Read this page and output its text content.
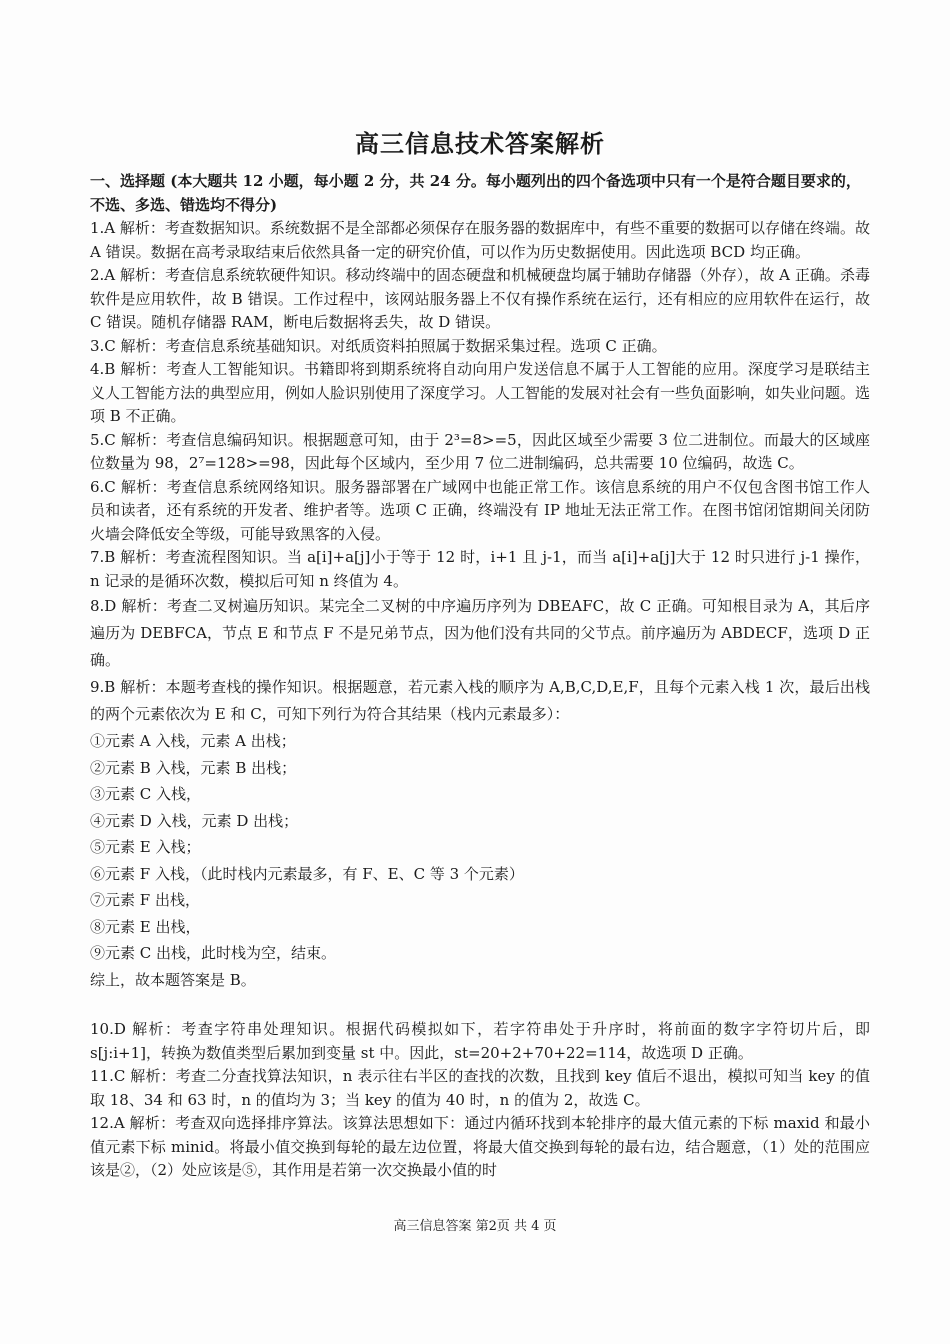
高三信息技术答案解析

一、选择题 (本大题共 12 小题，每小题 2 分，共 24 分。每小题列出的四个备选项中只有一个是符合题目要求的，不选、多选、错选均不得分)

1.A 解析：考查数据知识。系统数据不是全部都必须保存在服务器的数据库中，有些不重要的数据可以存储在终端。故 A 错误。数据在高考录取结束后依然具备一定的研究价值，可以作为历史数据使用。因此选项 BCD 均正确。

2.A 解析：考查信息系统软硬件知识。移动终端中的固态硬盘和机械硬盘均属于辅助存储器（外存），故 A 正确。杀毒软件是应用软件，故 B 错误。工作过程中，该网站服务器上不仅有操作系统在运行，还有相应的应用软件在运行，故 C 错误。随机存储器 RAM，断电后数据将丢失，故 D 错误。

3.C 解析：考查信息系统基础知识。对纸质资料拍照属于数据采集过程。选项 C 正确。

4.B 解析：考查人工智能知识。书籍即将到期系统将自动向用户发送信息不属于人工智能的应用。深度学习是联结主义人工智能方法的典型应用，例如人脸识别使用了深度学习。人工智能的发展对社会有一些负面影响，如失业问题。选项 B 不正确。

5.C 解析：考查信息编码知识。根据题意可知，由于 2³=8>=5，因此区域至少需要 3 位二进制位。而最大的区域座位数量为 98，2⁷=128>=98，因此每个区域内，至少用 7 位二进制编码，总共需要 10 位编码，故选 C。

6.C 解析：考查信息系统网络知识。服务器部署在广域网中也能正常工作。该信息系统的用户不仅包含图书馆工作人员和读者，还有系统的开发者、维护者等。选项 C 正确，终端没有 IP 地址无法正常工作。在图书馆闭馆期间关闭防火墙会降低安全等级，可能导致黑客的入侵。

7.B 解析：考查流程图知识。当 a[i]+a[j]小于等于 12 时，i+1 且 j-1，而当 a[i]+a[j]大于 12 时只进行 j-1 操作，n 记录的是循环次数，模拟后可知 n 终值为 4。

8.D 解析：考查二叉树遍历知识。某完全二叉树的中序遍历序列为 DBEAFC，故 C 正确。可知根目录为 A，其后序遍历为 DEBFCA，节点 E 和节点 F 不是兄弟节点，因为他们没有共同的父节点。前序遍历为 ABDECF，选项 D 正确。

9.B 解析：本题考查栈的操作知识。根据题意，若元素入栈的顺序为 A,B,C,D,E,F，且每个元素入栈 1 次，最后出栈的两个元素依次为 E 和 C，可知下列行为符合其结果（栈内元素最多）：

①元素 A 入栈，元素 A 出栈；

②元素 B 入栈，元素 B 出栈；

③元素 C 入栈，

④元素 D 入栈，元素 D 出栈；

⑤元素 E 入栈；

⑥元素 F 入栈，（此时栈内元素最多，有 F、E、C 等 3 个元素）

⑦元素 F 出栈，

⑧元素 E 出栈，

⑨元素 C 出栈，此时栈为空，结束。

综上，故本题答案是 B。

10.D 解析：考查字符串处理知识。根据代码模拟如下，若字符串处于升序时，将前面的数字字符切片后，即 s[j:i+1]，转换为数值类型后累加到变量 st 中。因此，st=20+2+70+22=114，故选项 D 正确。

11.C 解析：考查二分查找算法知识，n 表示往右半区的查找的次数，且找到 key 值后不退出，模拟可知当 key 的值取 18、34 和 63 时，n 的值均为 3；当 key 的值为 40 时，n 的值为 2，故选 C。

12.A 解析：考查双向选择排序算法。该算法思想如下：通过内循环找到本轮排序的最大值元素的下标 maxid 和最小值元素下标 minid。将最小值交换到每轮的最左边位置，将最大值交换到每轮的最右边，结合题意，（1）处的范围应该是②，（2）处应该是⑤，其作用是若第一次交换最小值的时

高三信息答案 第2页 共 4 页
